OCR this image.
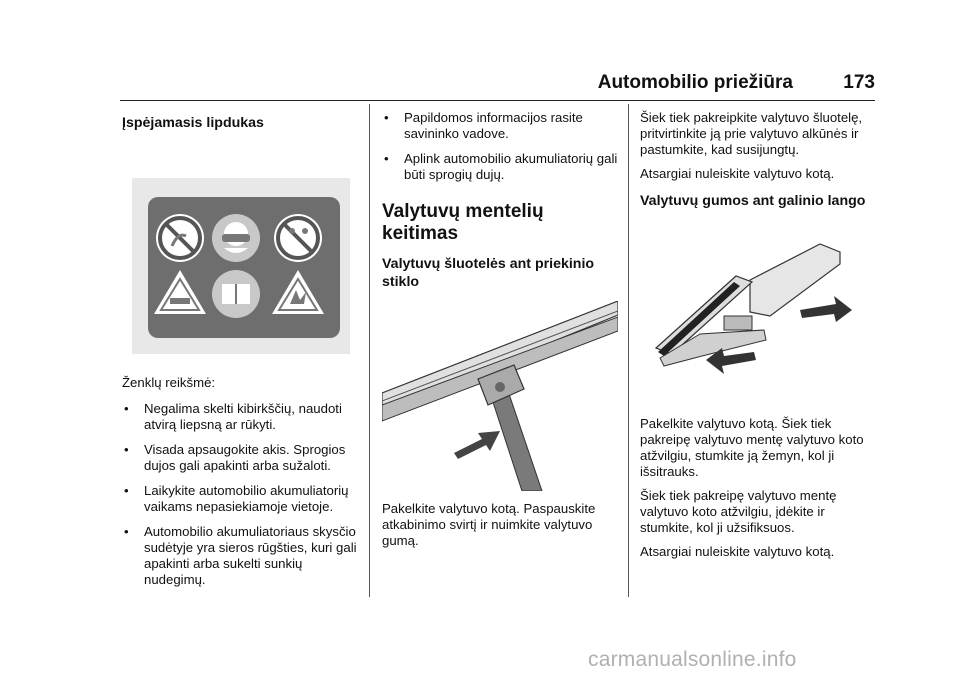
Automobilio priežiūra	173
Įspėjamasis lipdukas

Ženklų reikšmė:

• Negalima skelti kibirkščių, naudoti atvirą liepsną ar rūkyti.
• Visada apsaugokite akis. Sprogios dujos gali apakinti arba sužaloti.
• Laikykite automobilio akumuliatorių vaikams nepasiekiamoje vietoje.
• Automobilio akumuliatoriaus skysčio sudėtyje yra sieros rūgšties, kuri gali apakinti arba sukelti sunkių nudegimų.
• Papildomos informacijos rasite savininko vadove.
• Aplink automobilio akumuliatorių gali būti sprogių dujų.
Valytuvų mentelių keitimas
Valytuvų šluotelės ant priekinio stiklo

Pakelkite valytuvo kotą. Paspauskite atkabinimo svirtį ir nuimkite valytuvo gumą.

Šiek tiek pakreipkite valytuvo šluotelę, pritvirtinkite ją prie valytuvo alkūnės ir pastumkite, kad susijungtų.

Atsargiai nuleiskite valytuvo kotą.

Valytuvų gumos ant galinio lango

Pakelkite valytuvo kotą. Šiek tiek pakreipę valytuvo mentę valytuvo koto atžvilgiu, stumkite ją žemyn, kol ji išsitrauks.

Šiek tiek pakreipę valytuvo mentę valytuvo koto atžvilgiu, įdėkite ir stumkite, kol ji užsifiksuos.

Atsargiai nuleiskite valytuvo kotą.

carmanualsonline.info
